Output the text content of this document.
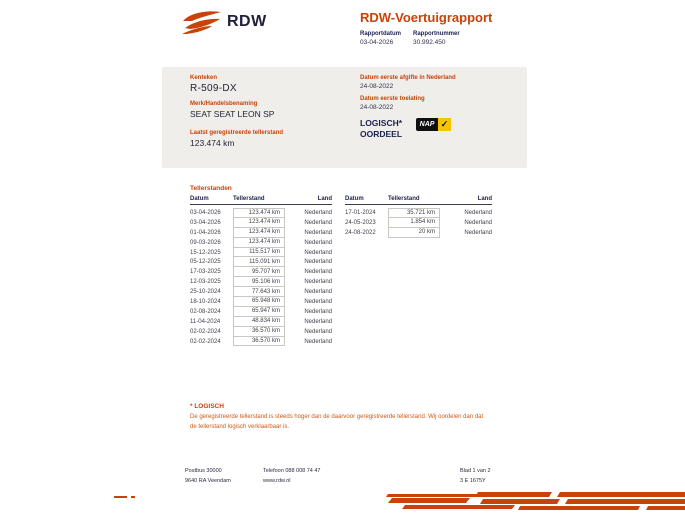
RDW	RDW-Voertuigrapport
Rapportdatum
03-04-2026
Rapportnummer
30.992.450
Kenteken
R-509-DX
Merk/Handelsbenaming
SEAT SEAT LEON SP
Laatst geregistreerde tellerstand
123.474 km
Datum eerste afgifte in Nederland
24-08-2022
Datum eerste toelating
24-08-2022
LOGISCH*
OORDEEL
NAP ✓
Tellerstanden
Datum	Tellerstand	Land
03-04-2026	123.474 km	Nederland
03-04-2026	123.474 km	Nederland
01-04-2026	123.474 km	Nederland
09-03-2026	123.474 km	Nederland
15-12-2025	115.517 km	Nederland
05-12-2025	115.091 km	Nederland
17-03-2025	95.707 km	Nederland
12-03-2025	95.106 km	Nederland
25-10-2024	77.643 km	Nederland
18-10-2024	65.948 km	Nederland
02-08-2024	65.947 km	Nederland
11-04-2024	48.834 km	Nederland
02-02-2024	36.570 km	Nederland
02-02-2024	36.570 km	Nederland
Datum	Tellerstand	Land
17-01-2024	35.721 km	Nederland
24-05-2023	1.854 km	Nederland
24-08-2022	20 km	Nederland
* LOGISCH
De geregistreerde tellerstand is steeds hoger dan de daarvoor geregistreerde tellerstand. Wij oordelen dan dat de tellerstand logisch verklaarbaar is.
Postbus 30000
9640 RA Veendam
Telefoon 088 008 74 47
www.rdw.nl
Blad 1 van 2
3 E 1675Y
